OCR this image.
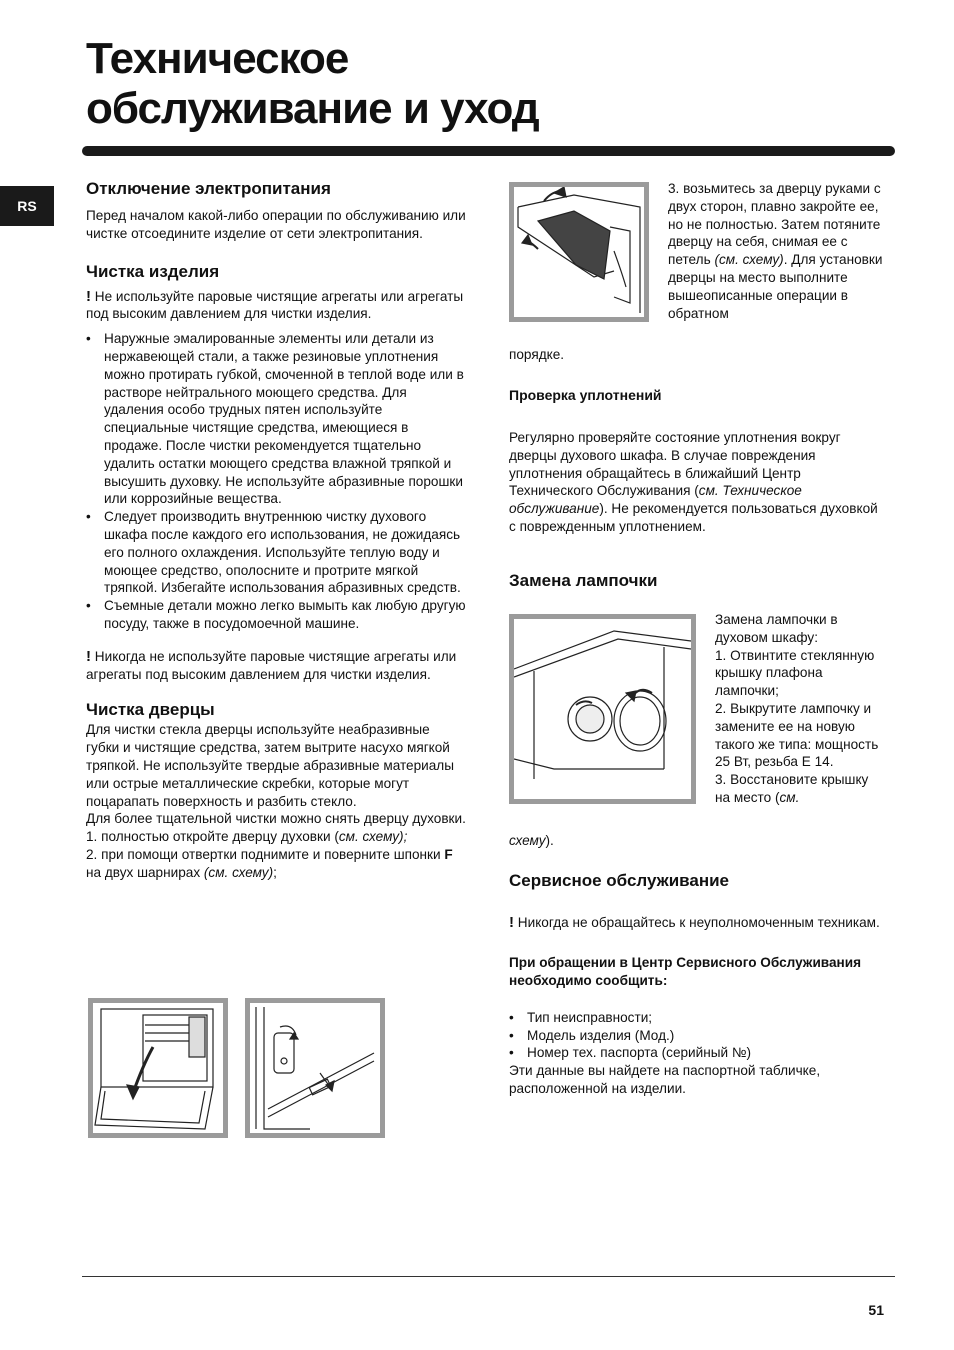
Техническое
обслуживание и уход
RS
Отключение электропитания

Перед началом какой-либо операции по обслуживанию или чистке отсоедините изделие от сети электропитания.

Чистка изделия

! Не используйте паровые чистящие агрегаты или агрегаты под высоким давлением для чистки изделия.

• Наружные эмалированные элементы или детали из нержавеющей стали, а также резиновые уплотнения можно протирать губкой, смоченной в теплой воде или в растворе нейтрального моющего средства. Для удаления особо трудных пятен используйте специальные чистящие средства, имеющиеся в продаже. После чистки рекомендуется тщательно удалить остатки моющего средства влажной тряпкой и высушить духовку. Не используйте абразивные порошки или коррозийные вещества.
• Следует производить внутреннюю чистку духового шкафа после каждого его использования, не дожидаясь его полного охлаждения. Используйте теплую воду и моющее средство, ополосните и протрите мягкой тряпкой. Избегайте использования абразивных средств.
• Съемные детали можно легко вымыть как любую другую посуду, также в посудомоечной машине.

! Никогда не используйте паровые чистящие агрегаты или агрегаты под высоким давлением для чистки изделия.

Чистка дверцы

Для чистки стекла дверцы используйте неабразивные губки и чистящие средства, затем вытрите насухо мягкой тряпкой. Не используйте твердые абразивные материалы или острые металлические скребки, которые могут поцарапать поверхность и разбить стекло.

Для более тщательной чистки можно снять дверцу духовки.

1. полностью откройте дверцу духовки (см. схему);

2. при помощи отвертки поднимите и поверните шпонки F на двух шарнирах (см. схему);

3. возьмитесь за дверцу руками с двух сторон, плавно закройте ее, но не полностью. Затем потяните дверцу на себя, снимая ее с петель (см. схему). Для установки дверцы на место выполните вышеописанные операции в обратном
порядке.
Проверка уплотнений

Регулярно проверяйте состояние уплотнения вокруг дверцы духового шкафа. В случае повреждения уплотнения обращайтесь в ближайший Центр Технического Обслуживания (см. Техническое обслуживание). Не рекомендуется пользоваться духовкой с поврежденным уплотнением.

Замена лампочки

Замена лампочки в духовом шкафу:

1. Отвинтите стеклянную крышку плафона лампочки;

2. Выкрутите лампочку и замените ее на новую такого же типа: мощность 25 Вт, резьба Е 14.

3. Восстановите крышку на место (см.

схему).
Сервисное обслуживание

! Никогда не обращайтесь к неуполномоченным техникам.

При обращении в Центр Сервисного Обслуживания необходимо сообщить:

• Тип неисправности;
• Модель изделия (Мод.)
• Номер тех. паспорта (серийный №)

Эти данные вы найдете на паспортной табличке, расположенной на изделии.

51
